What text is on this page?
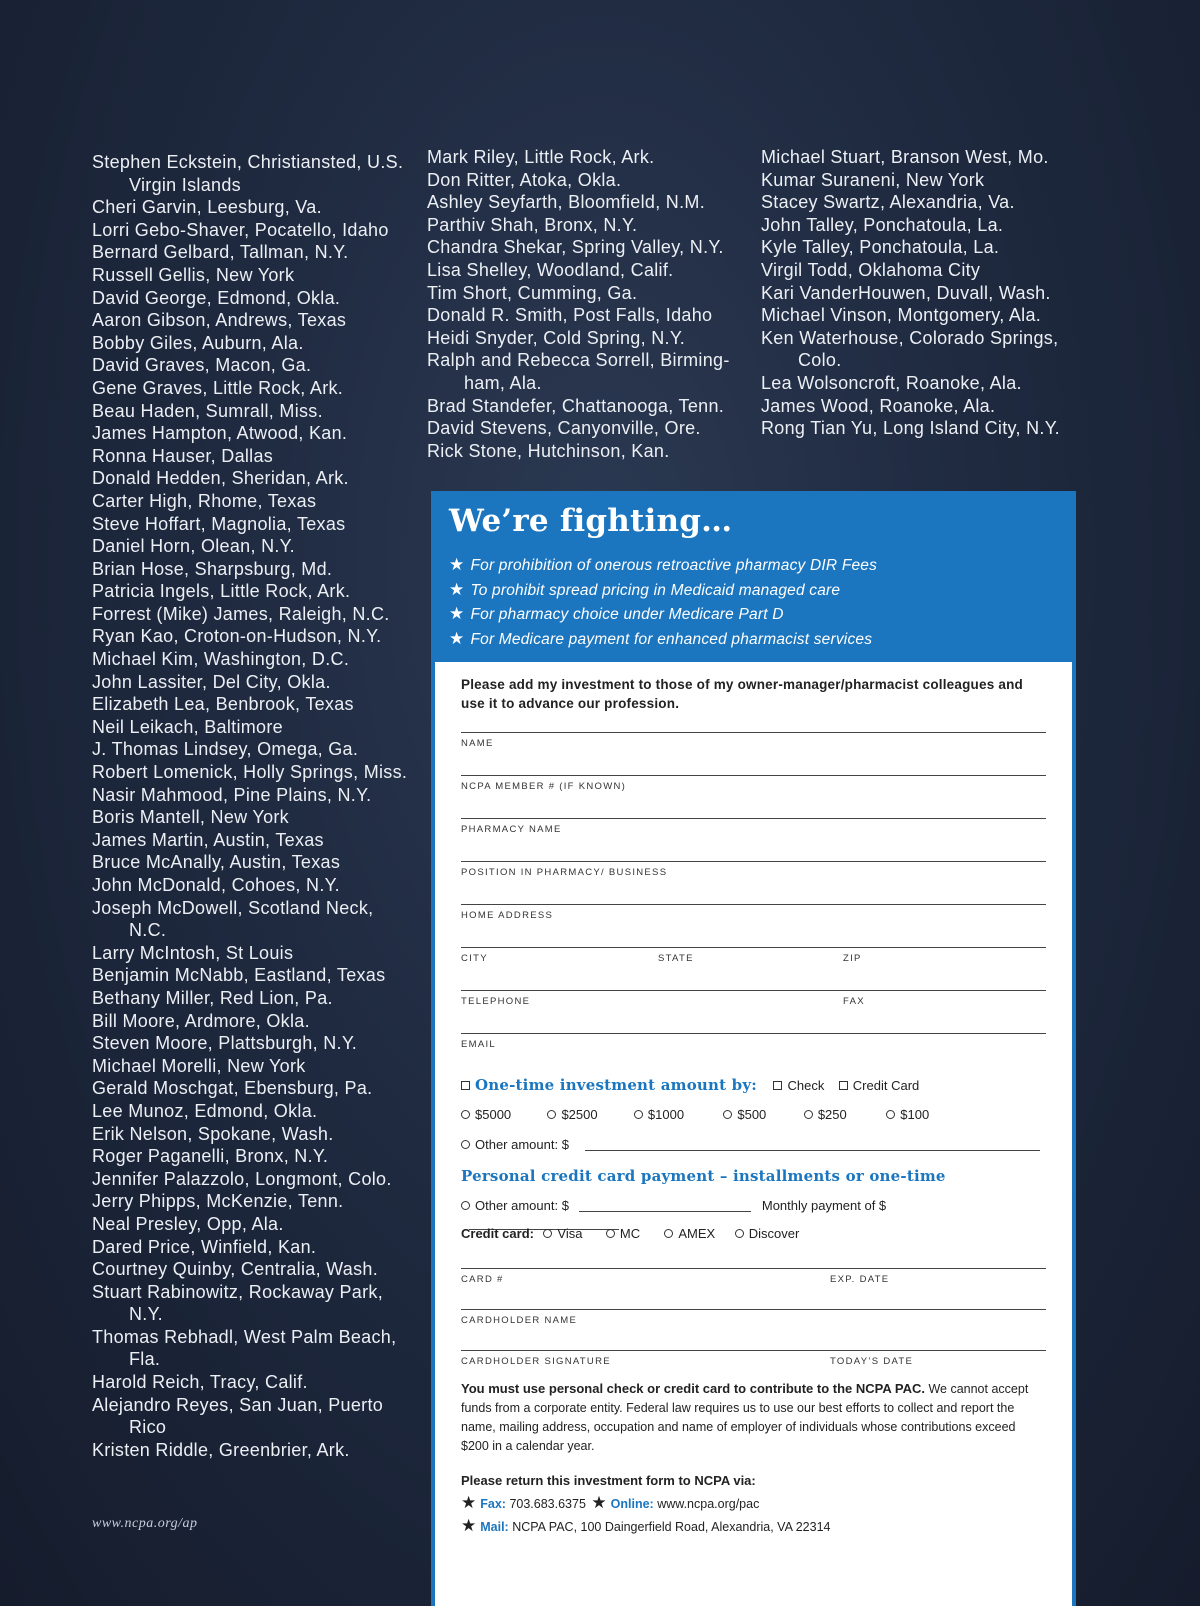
Stephen Eckstein, Christiansted, U.S. Virgin Islands
Cheri Garvin, Leesburg, Va.
Lorri Gebo-Shaver, Pocatello, Idaho
Bernard Gelbard, Tallman, N.Y.
Russell Gellis, New York
David George, Edmond, Okla.
Aaron Gibson, Andrews, Texas
Bobby Giles, Auburn, Ala.
David Graves, Macon, Ga.
Gene Graves, Little Rock, Ark.
Beau Haden, Sumrall, Miss.
James Hampton, Atwood, Kan.
Ronna Hauser, Dallas
Donald Hedden, Sheridan, Ark.
Carter High, Rhome, Texas
Steve Hoffart, Magnolia, Texas
Daniel Horn, Olean, N.Y.
Brian Hose, Sharpsburg, Md.
Patricia Ingels, Little Rock, Ark.
Forrest (Mike) James, Raleigh, N.C.
Ryan Kao, Croton-on-Hudson, N.Y.
Michael Kim, Washington, D.C.
John Lassiter, Del City, Okla.
Elizabeth Lea, Benbrook, Texas
Neil Leikach, Baltimore
J. Thomas Lindsey, Omega, Ga.
Robert Lomenick, Holly Springs, Miss.
Nasir Mahmood, Pine Plains, N.Y.
Boris Mantell, New York
James Martin, Austin, Texas
Bruce McAnally, Austin, Texas
John McDonald, Cohoes, N.Y.
Joseph McDowell, Scotland Neck, N.C.
Larry McIntosh, St Louis
Benjamin McNabb, Eastland, Texas
Bethany Miller, Red Lion, Pa.
Bill Moore, Ardmore, Okla.
Steven Moore, Plattsburgh, N.Y.
Michael Morelli, New York
Gerald Moschgat, Ebensburg, Pa.
Lee Munoz, Edmond, Okla.
Erik Nelson, Spokane, Wash.
Roger Paganelli, Bronx, N.Y.
Jennifer Palazzolo, Longmont, Colo.
Jerry Phipps, McKenzie, Tenn.
Neal Presley, Opp, Ala.
Dared Price, Winfield, Kan.
Courtney Quinby, Centralia, Wash.
Stuart Rabinowitz, Rockaway Park, N.Y.
Thomas Rebhadl, West Palm Beach, Fla.
Harold Reich, Tracy, Calif.
Alejandro Reyes, San Juan, Puerto Rico
Kristen Riddle, Greenbrier, Ark.
Mark Riley, Little Rock, Ark.
Don Ritter, Atoka, Okla.
Ashley Seyfarth, Bloomfield, N.M.
Parthiv Shah, Bronx, N.Y.
Chandra Shekar, Spring Valley, N.Y.
Lisa Shelley, Woodland, Calif.
Tim Short, Cumming, Ga.
Donald R. Smith, Post Falls, Idaho
Heidi Snyder, Cold Spring, N.Y.
Ralph and Rebecca Sorrell, Birming-ham, Ala.
Brad Standefer, Chattanooga, Tenn.
David Stevens, Canyonville, Ore.
Rick Stone, Hutchinson, Kan.
Michael Stuart, Branson West, Mo.
Kumar Suraneni, New York
Stacey Swartz, Alexandria, Va.
John Talley, Ponchatoula, La.
Kyle Talley, Ponchatoula, La.
Virgil Todd, Oklahoma City
Kari VanderHouwen, Duvall, Wash.
Michael Vinson, Montgomery, Ala.
Ken Waterhouse, Colorado Springs, Colo.
Lea Wolsoncroft, Roanoke, Ala.
James Wood, Roanoke, Ala.
Rong Tian Yu, Long Island City, N.Y.
www.ncpa.org/ap
We’re fighting…
★ For prohibition of onerous retroactive pharmacy DIR Fees
★ To prohibit spread pricing in Medicaid managed care
★ For pharmacy choice under Medicare Part D
★ For Medicare payment for enhanced pharmacist services
Please add my investment to those of my owner-manager/pharmacist colleagues and use it to advance our profession.
NAME
NCPA MEMBER # (IF KNOWN)
PHARMACY NAME
POSITION IN PHARMACY/ BUSINESS
HOME ADDRESS
CITY	STATE	ZIP
TELEPHONE	FAX
EMAIL
One-time investment amount by: Check Credit Card
$5000	$2500	$1000	$500	$250	$100
Other amount: $
Personal credit card payment – installments or one-time
Other amount: $	Monthly payment of $
Credit card: Visa	MC	AMEX	Discover
CARD #	EXP. DATE
CARDHOLDER NAME
CARDHOLDER SIGNATURE	TODAY’S DATE
You must use personal check or credit card to contribute to the NCPA PAC. We cannot accept funds from a corporate entity. Federal law requires us to use our best efforts to collect and report the name, mailing address, occupation and name of employer of individuals whose contributions exceed $200 in a calendar year.
Please return this investment form to NCPA via:
★ Fax: 703.683.6375 ★ Online: www.ncpa.org/pac
★ Mail: NCPA PAC, 100 Daingerfield Road, Alexandria, VA 22314
